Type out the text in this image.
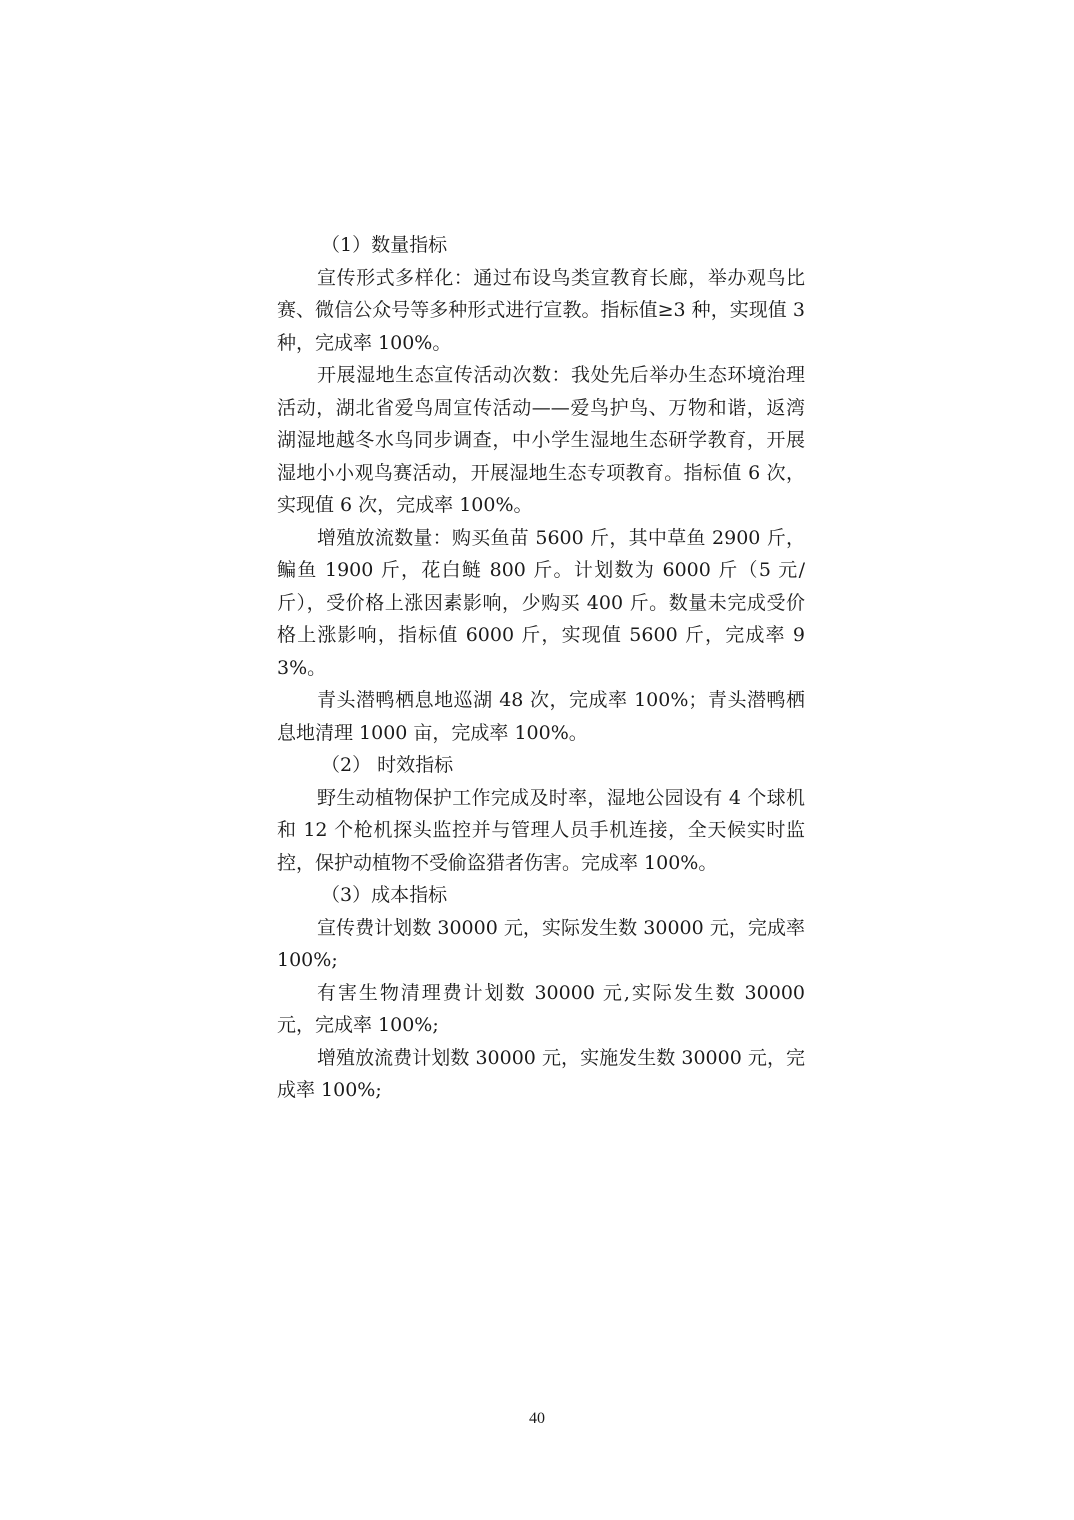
（1）数量指标

宣传形式多样化：通过布设鸟类宣教育长廊，举办观鸟比赛、微信公众号等多种形式进行宣教。指标值≥3 种，实现值 3 种，完成率 100%。

开展湿地生态宣传活动次数：我处先后举办生态环境治理活动，湖北省爱鸟周宣传活动——爱鸟护鸟、万物和谐，返湾湖湿地越冬水鸟同步调查，中小学生湿地生态研学教育，开展湿地小小观鸟赛活动，开展湿地生态专项教育。指标值 6 次，实现值 6 次，完成率 100%。

增殖放流数量：购买鱼苗 5600 斤，其中草鱼 2900 斤，鳊鱼 1900 斤，花白鲢 800 斤。计划数为 6000 斤（5 元/斤），受价格上涨因素影响，少购买 400 斤。数量未完成受价格上涨影响，指标值 6000 斤，实现值 5600 斤，完成率 93%。

青头潜鸭栖息地巡湖 48 次，完成率 100%；青头潜鸭栖息地清理 1000 亩，完成率 100%。

（2） 时效指标

野生动植物保护工作完成及时率，湿地公园设有 4 个球机和 12 个枪机探头监控并与管理人员手机连接，全天候实时监控，保护动植物不受偷盗猎者伤害。完成率 100%。

（3）成本指标

宣传费计划数 30000 元，实际发生数 30000 元，完成率 100%;

有害生物清理费计划数 30000 元,实际发生数 30000 元，完成率 100%;

增殖放流费计划数 30000 元，实施发生数 30000 元，完成率 100%;

40
